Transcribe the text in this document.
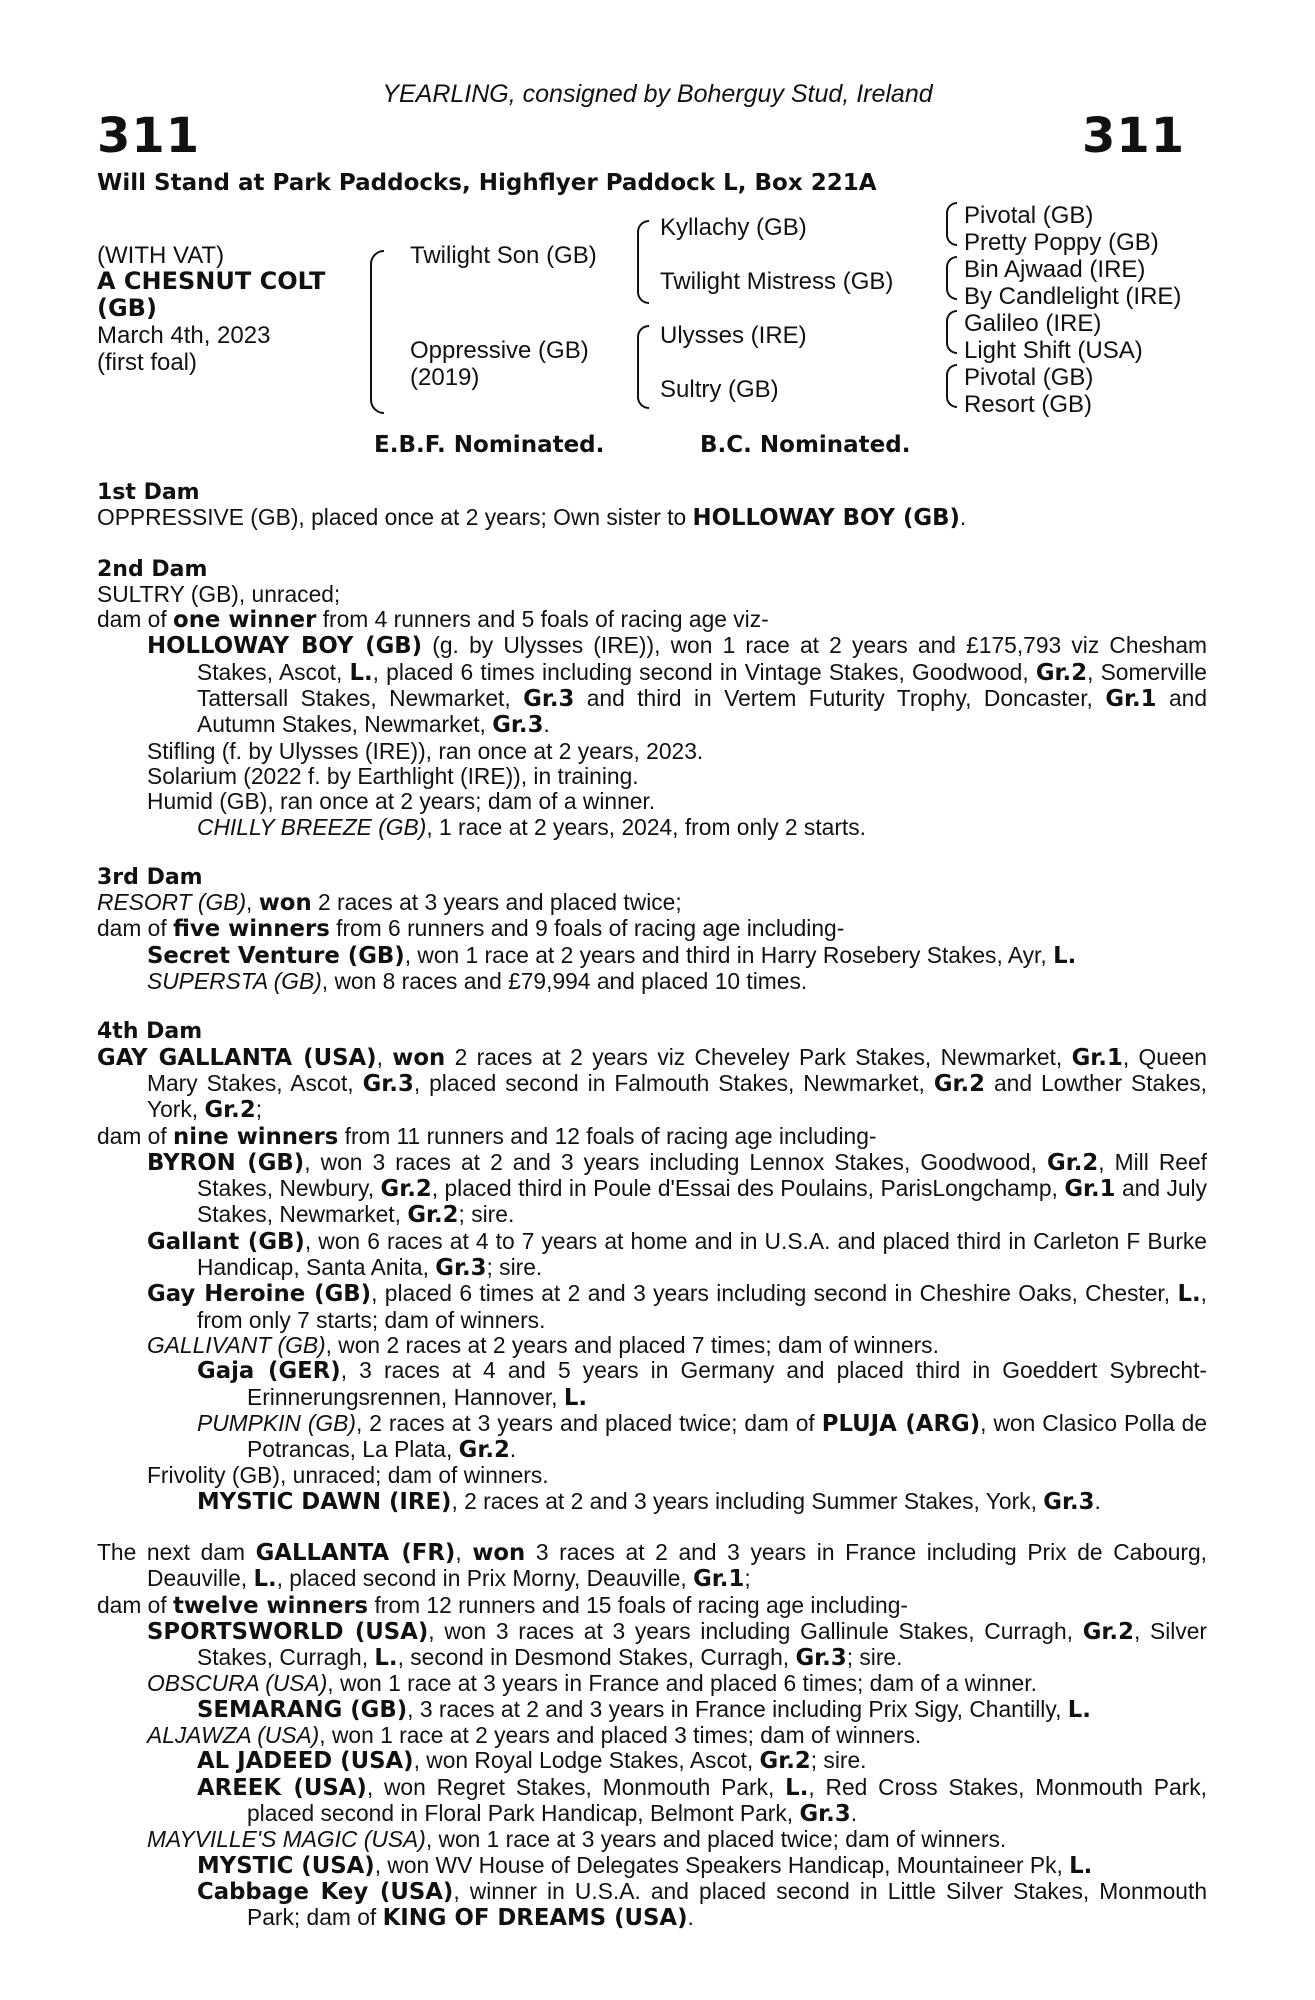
YEARLING, consigned by Boherguy Stud, Ireland
311	311
Will Stand at Park Paddocks, Highflyer Paddock L, Box 221A
(WITH VAT)
A CHESNUT COLT
(GB)
March 4th, 2023
(first foal)
Twilight Son (GB)
Oppressive (GB)
(2019)
Kyllachy (GB)
Twilight Mistress (GB)
Ulysses (IRE)
Sultry (GB)
Pivotal (GB)
Pretty Poppy (GB)
Bin Ajwaad (IRE)
By Candlelight (IRE)
Galileo (IRE)
Light Shift (USA)
Pivotal (GB)
Resort (GB)
E.B.F. Nominated.	B.C. Nominated.

1st Dam

OPPRESSIVE (GB), placed once at 2 years; Own sister to HOLLOWAY BOY (GB).

2nd Dam

SULTRY (GB), unraced;

dam of one winner from 4 runners and 5 foals of racing age viz-

HOLLOWAY BOY (GB) (g. by Ulysses (IRE)), won 1 race at 2 years and £175,793 viz Chesham Stakes, Ascot, L., placed 6 times including second in Vintage Stakes, Goodwood, Gr.2, Somerville Tattersall Stakes, Newmarket, Gr.3 and third in Vertem Futurity Trophy, Doncaster, Gr.1 and Autumn Stakes, Newmarket, Gr.3.

Stifling (f. by Ulysses (IRE)), ran once at 2 years, 2023.

Solarium (2022 f. by Earthlight (IRE)), in training.

Humid (GB), ran once at 2 years; dam of a winner.

CHILLY BREEZE (GB), 1 race at 2 years, 2024, from only 2 starts.

3rd Dam

RESORT (GB), won 2 races at 3 years and placed twice;

dam of five winners from 6 runners and 9 foals of racing age including-

Secret Venture (GB), won 1 race at 2 years and third in Harry Rosebery Stakes, Ayr, L.

SUPERSTA (GB), won 8 races and £79,994 and placed 10 times.

4th Dam

GAY GALLANTA (USA), won 2 races at 2 years viz Cheveley Park Stakes, Newmarket, Gr.1, Queen Mary Stakes, Ascot, Gr.3, placed second in Falmouth Stakes, Newmarket, Gr.2 and Lowther Stakes, York, Gr.2;

dam of nine winners from 11 runners and 12 foals of racing age including-

BYRON (GB), won 3 races at 2 and 3 years including Lennox Stakes, Goodwood, Gr.2, Mill Reef Stakes, Newbury, Gr.2, placed third in Poule d'Essai des Poulains, ParisLongchamp, Gr.1 and July Stakes, Newmarket, Gr.2; sire.

Gallant (GB), won 6 races at 4 to 7 years at home and in U.S.A. and placed third in Carleton F Burke Handicap, Santa Anita, Gr.3; sire.

Gay Heroine (GB), placed 6 times at 2 and 3 years including second in Cheshire Oaks, Chester, L., from only 7 starts; dam of winners.

GALLIVANT (GB), won 2 races at 2 years and placed 7 times; dam of winners.

Gaja (GER), 3 races at 4 and 5 years in Germany and placed third in Goeddert Sybrecht-Erinnerungsrennen, Hannover, L.

PUMPKIN (GB), 2 races at 3 years and placed twice; dam of PLUJA (ARG), won Clasico Polla de Potrancas, La Plata, Gr.2.

Frivolity (GB), unraced; dam of winners.

MYSTIC DAWN (IRE), 2 races at 2 and 3 years including Summer Stakes, York, Gr.3.

The next dam GALLANTA (FR), won 3 races at 2 and 3 years in France including Prix de Cabourg, Deauville, L., placed second in Prix Morny, Deauville, Gr.1;

dam of twelve winners from 12 runners and 15 foals of racing age including-

SPORTSWORLD (USA), won 3 races at 3 years including Gallinule Stakes, Curragh, Gr.2, Silver Stakes, Curragh, L., second in Desmond Stakes, Curragh, Gr.3; sire.

OBSCURA (USA), won 1 race at 3 years in France and placed 6 times; dam of a winner.

SEMARANG (GB), 3 races at 2 and 3 years in France including Prix Sigy, Chantilly, L.

ALJAWZA (USA), won 1 race at 2 years and placed 3 times; dam of winners.

AL JADEED (USA), won Royal Lodge Stakes, Ascot, Gr.2; sire.

AREEK (USA), won Regret Stakes, Monmouth Park, L., Red Cross Stakes, Monmouth Park, placed second in Floral Park Handicap, Belmont Park, Gr.3.

MAYVILLE'S MAGIC (USA), won 1 race at 3 years and placed twice; dam of winners.

MYSTIC (USA), won WV House of Delegates Speakers Handicap, Mountaineer Pk, L.

Cabbage Key (USA), winner in U.S.A. and placed second in Little Silver Stakes, Monmouth Park; dam of KING OF DREAMS (USA).
